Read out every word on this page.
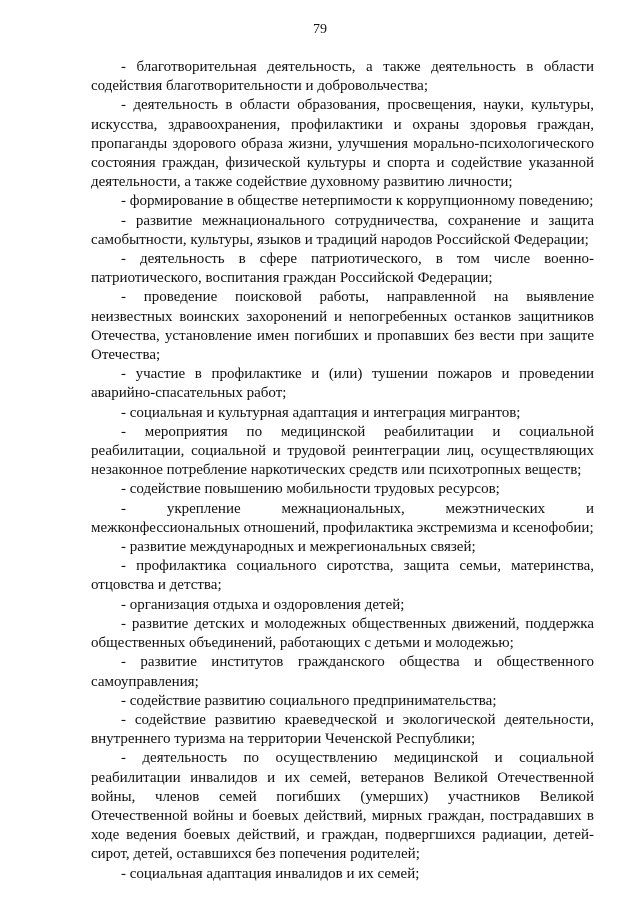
79

- благотворительная деятельность, а также деятельность в области содействия благотворительности и добровольчества;

- деятельность в области образования, просвещения, науки, культуры, искусства, здравоохранения, профилактики и охраны здоровья граждан, пропаганды здорового образа жизни, улучшения морально-психологического состояния граждан, физической культуры и спорта и содействие указанной деятельности, а также содействие духовному развитию личности;

- формирование в обществе нетерпимости к коррупционному поведению;

- развитие межнационального сотрудничества, сохранение и защита самобытности, культуры, языков и традиций народов Российской Федерации;

- деятельность в сфере патриотического, в том числе военно-патриотического, воспитания граждан Российской Федерации;

- проведение поисковой работы, направленной на выявление неизвестных воинских захоронений и непогребенных останков защитников Отечества, установление имен погибших и пропавших без вести при защите Отечества;

- участие в профилактике и (или) тушении пожаров и проведении аварийно-спасательных работ;

- социальная и культурная адаптация и интеграция мигрантов;

- мероприятия по медицинской реабилитации и социальной реабилитации, социальной и трудовой реинтеграции лиц, осуществляющих незаконное потребление наркотических средств или психотропных веществ;

- содействие повышению мобильности трудовых ресурсов;

- укрепление межнациональных, межэтнических и межконфессиональных отношений, профилактика экстремизма и ксенофобии;

- развитие международных и межрегиональных связей;

- профилактика социального сиротства, защита семьи, материнства, отцовства и детства;

- организация отдыха и оздоровления детей;

- развитие детских и молодежных общественных движений, поддержка общественных объединений, работающих с детьми и молодежью;

- развитие институтов гражданского общества и общественного самоуправления;

- содействие развитию социального предпринимательства;

- содействие развитию краеведческой и экологической деятельности, внутреннего туризма на территории Чеченской Республики;

- деятельность по осуществлению медицинской и социальной реабилитации инвалидов и их семей, ветеранов Великой Отечественной войны, членов семей погибших (умерших) участников Великой Отечественной войны и боевых действий, мирных граждан, пострадавших в ходе ведения боевых действий, и граждан, подвергшихся радиации, детей-сирот, детей, оставшихся без попечения родителей;

- социальная адаптация инвалидов и их семей;
